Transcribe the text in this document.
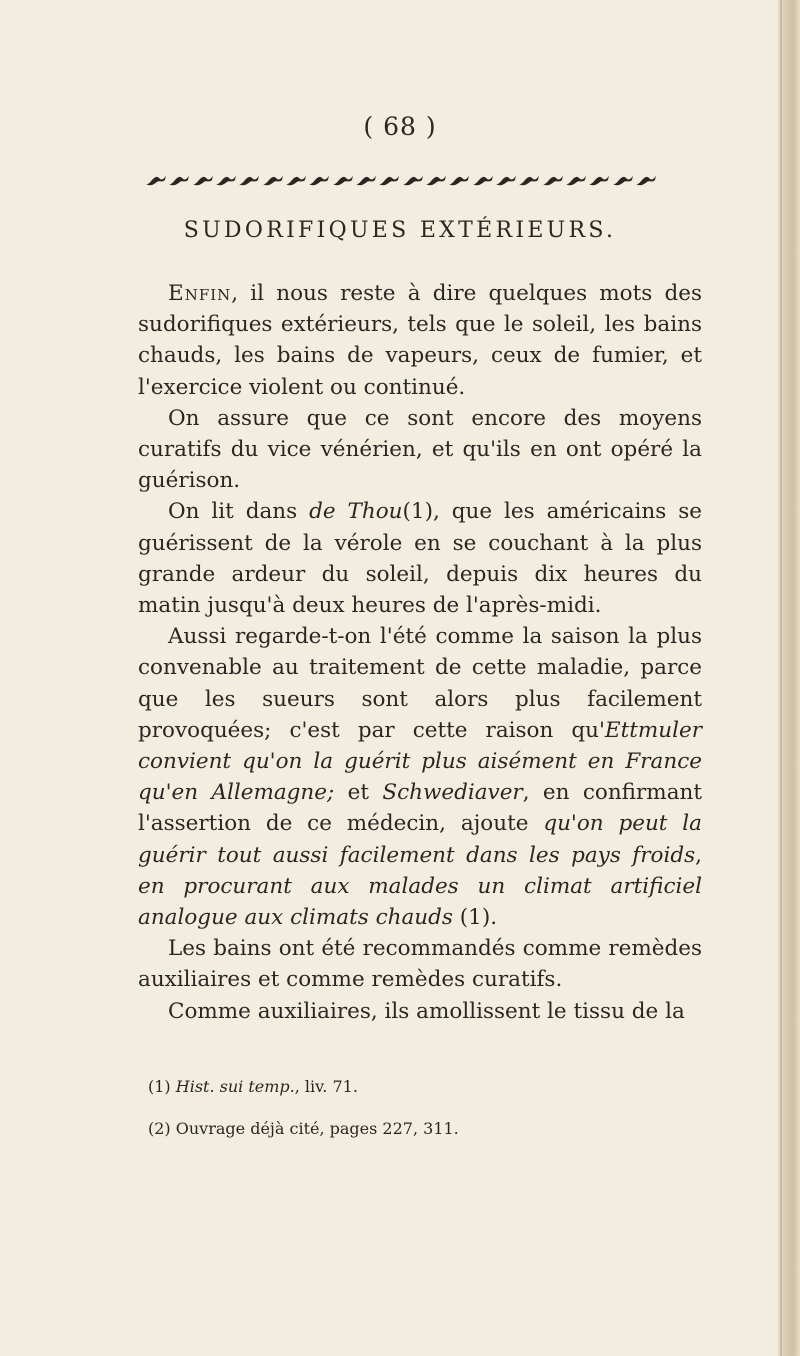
( 68 )
SUDORIFIQUES EXTÉRIEURS.

Enfin, il nous reste à dire quelques mots des sudorifiques extérieurs, tels que le soleil, les bains chauds, les bains de vapeurs, ceux de fumier, et l'exercice violent ou continué.

On assure que ce sont encore des moyens curatifs du vice vénérien, et qu'ils en ont opéré la guérison.

On lit dans de Thou(1), que les américains se guérissent de la vérole en se couchant à la plus grande ardeur du soleil, depuis dix heures du matin jusqu'à deux heures de l'après-midi.

Aussi regarde-t-on l'été comme la saison la plus convenable au traitement de cette maladie, parce que les sueurs sont alors plus facilement provoquées; c'est par cette raison qu'Ettmuler convient qu'on la guérit plus aisément en France qu'en Allemagne; et Schwediaver, en confirmant l'assertion de ce médecin, ajoute qu'on peut la guérir tout aussi facilement dans les pays froids, en procurant aux malades un climat artificiel analogue aux climats chauds (1).

Les bains ont été recommandés comme remèdes auxiliaires et comme remèdes curatifs.

Comme auxiliaires, ils amollissent le tissu de la

(1) Hist. sui temp., liv. 71.

(2) Ouvrage déjà cité, pages 227, 311.
